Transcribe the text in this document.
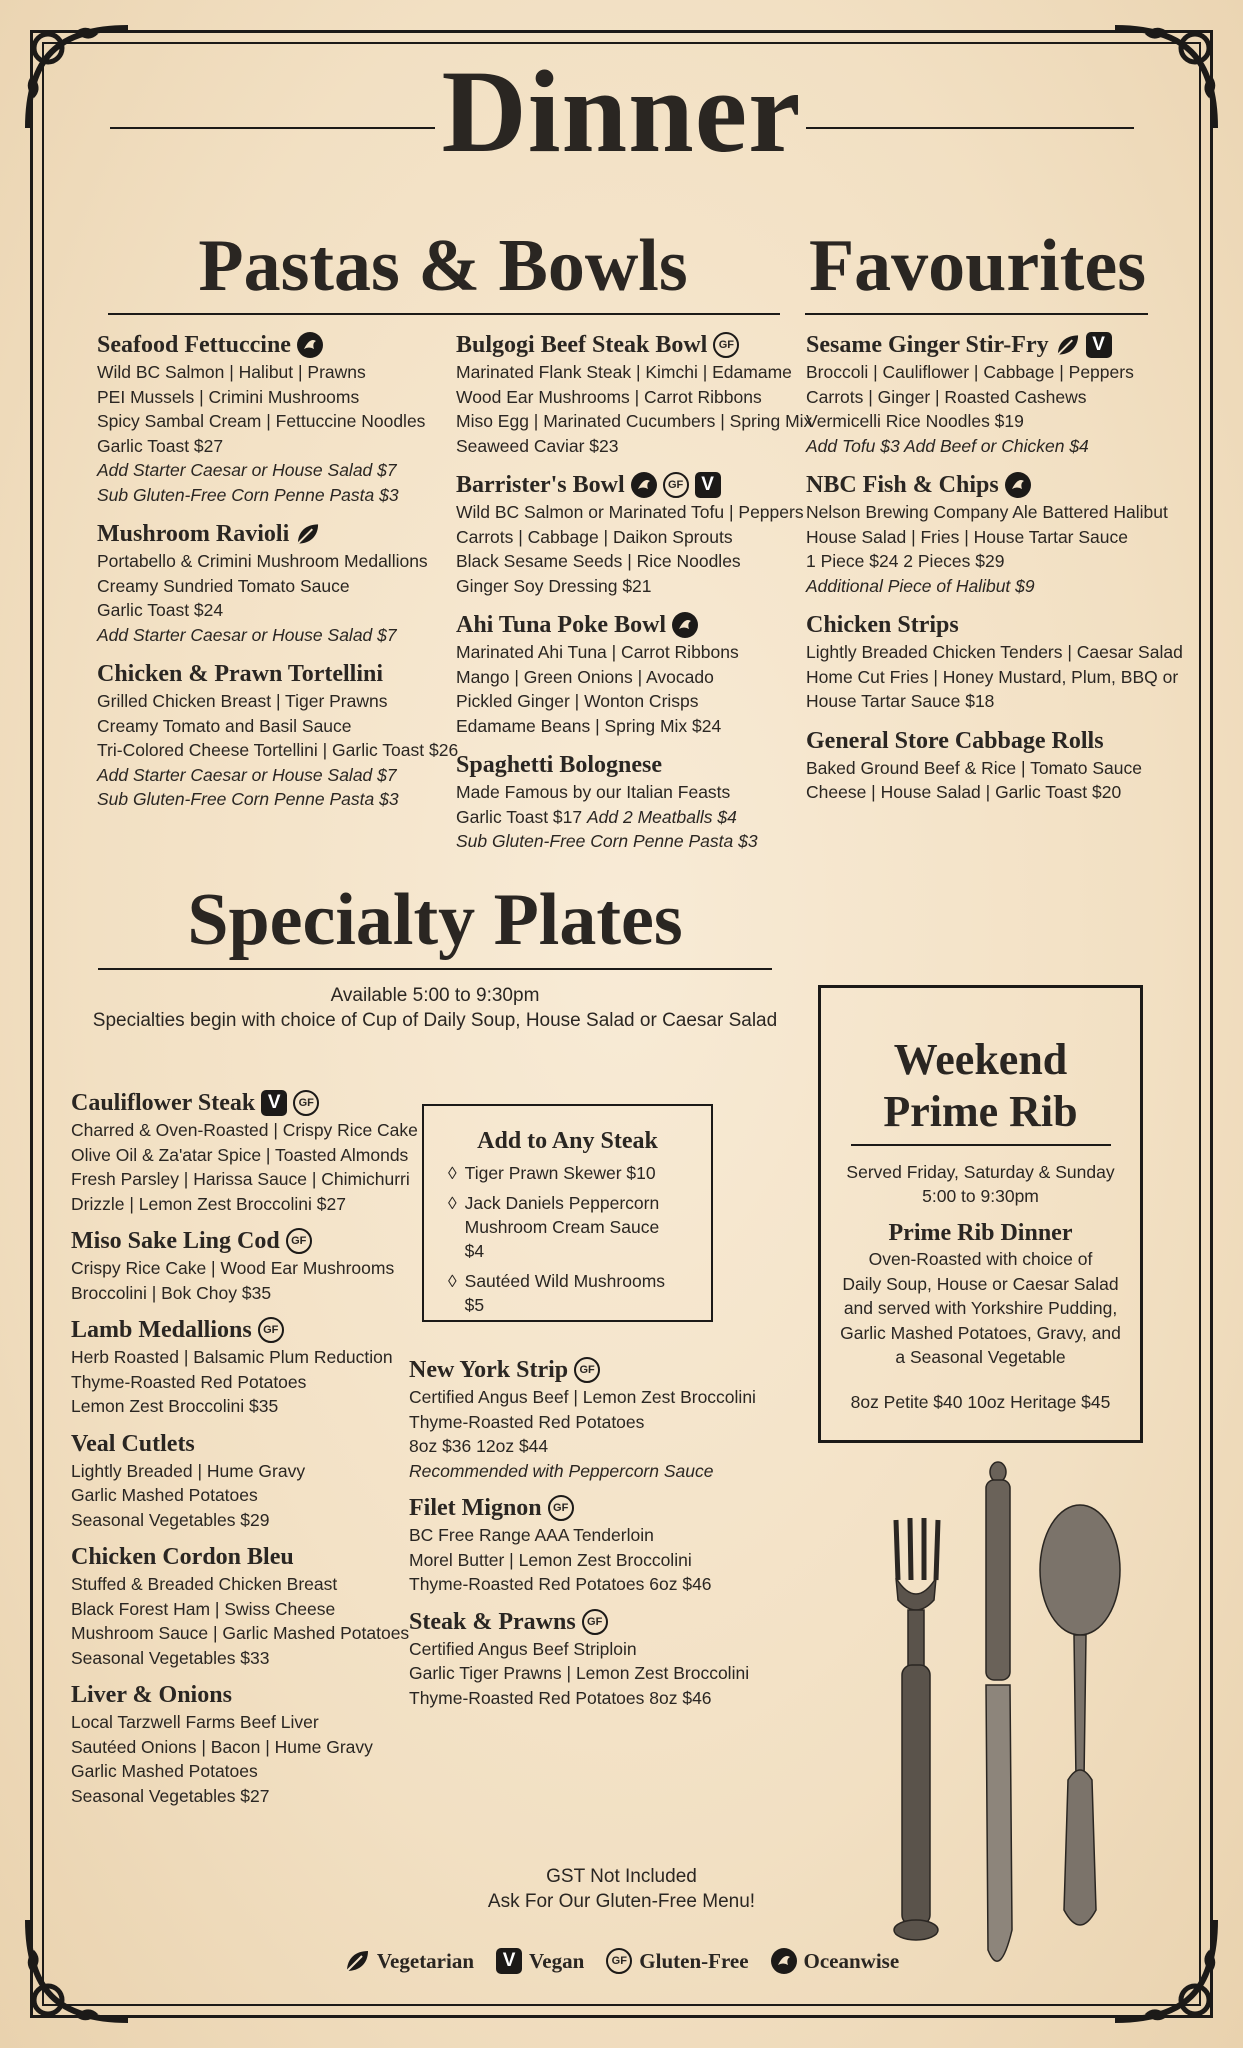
Dinner
Pastas & Bowls	Favourites
Seafood Fettuccine
Wild BC Salmon | Halibut | Prawns
PEI Mussels | Crimini Mushrooms
Spicy Sambal Cream | Fettuccine Noodles
Garlic Toast $27
Add Starter Caesar or House Salad $7
Sub Gluten-Free Corn Penne Pasta $3
Mushroom Ravioli
Portabello & Crimini Mushroom Medallions
Creamy Sundried Tomato Sauce
Garlic Toast $24
Add Starter Caesar or House Salad $7
Chicken & Prawn Tortellini
Grilled Chicken Breast | Tiger Prawns
Creamy Tomato and Basil Sauce
Tri-Colored Cheese Tortellini | Garlic Toast $26
Add Starter Caesar or House Salad $7
Sub Gluten-Free Corn Penne Pasta $3
Bulgogi Beef Steak Bowl	GF
Marinated Flank Steak | Kimchi | Edamame
Wood Ear Mushrooms | Carrot Ribbons
Miso Egg | Marinated Cucumbers | Spring Mix
Seaweed Caviar $23
Barrister's Bowl	GF V
Wild BC Salmon or Marinated Tofu | Peppers
Carrots | Cabbage | Daikon Sprouts
Black Sesame Seeds | Rice Noodles
Ginger Soy Dressing $21
Ahi Tuna Poke Bowl
Marinated Ahi Tuna | Carrot Ribbons
Mango | Green Onions | Avocado
Pickled Ginger | Wonton Crisps
Edamame Beans | Spring Mix $24
Spaghetti Bolognese
Made Famous by our Italian Feasts
Garlic Toast $17 Add 2 Meatballs $4
Sub Gluten-Free Corn Penne Pasta $3
Sesame Ginger Stir-Fry	V
Broccoli | Cauliflower | Cabbage | Peppers
Carrots | Ginger | Roasted Cashews
Vermicelli Rice Noodles $19
Add Tofu $3 Add Beef or Chicken $4
NBC Fish & Chips
Nelson Brewing Company Ale Battered Halibut
House Salad | Fries | House Tartar Sauce
1 Piece $24 2 Pieces $29
Additional Piece of Halibut $9
Chicken Strips
Lightly Breaded Chicken Tenders | Caesar Salad
Home Cut Fries | Honey Mustard, Plum, BBQ or
House Tartar Sauce $18
General Store Cabbage Rolls
Baked Ground Beef & Rice | Tomato Sauce
Cheese | House Salad | Garlic Toast $20
Specialty Plates
Available 5:00 to 9:30pm
Specialties begin with choice of Cup of Daily Soup, House Salad or Caesar Salad
Cauliflower Steak V	GF
Charred & Oven-Roasted | Crispy Rice Cake
Olive Oil & Za'atar Spice | Toasted Almonds
Fresh Parsley | Harissa Sauce | Chimichurri
Drizzle | Lemon Zest Broccolini $27
Miso Sake Ling Cod	GF
Crispy Rice Cake | Wood Ear Mushrooms
Broccolini | Bok Choy $35
Lamb Medallions	GF
Herb Roasted | Balsamic Plum Reduction
Thyme-Roasted Red Potatoes
Lemon Zest Broccolini $35
Veal Cutlets
Lightly Breaded | Hume Gravy
Garlic Mashed Potatoes
Seasonal Vegetables $29
Chicken Cordon Bleu
Stuffed & Breaded Chicken Breast
Black Forest Ham | Swiss Cheese
Mushroom Sauce | Garlic Mashed Potatoes
Seasonal Vegetables $33
Liver & Onions
Local Tarzwell Farms Beef Liver
Sautéed Onions | Bacon | Hume Gravy
Garlic Mashed Potatoes
Seasonal Vegetables $27
New York Strip	GF
Certified Angus Beef | Lemon Zest Broccolini
Thyme-Roasted Red Potatoes
8oz $36 12oz $44
Recommended with Peppercorn Sauce
Filet Mignon	GF
BC Free Range AAA Tenderloin
Morel Butter | Lemon Zest Broccolini
Thyme-Roasted Red Potatoes 6oz $46
Steak & Prawns	GF
Certified Angus Beef Striploin
Garlic Tiger Prawns | Lemon Zest Broccolini
Thyme-Roasted Red Potatoes 8oz $46
Add to Any Steak
◊ Tiger Prawn Skewer $10
◊ Jack Daniels Peppercorn Mushroom Cream Sauce $4
◊ Sautéed Wild Mushrooms $5
Weekend
Prime Rib
Served Friday, Saturday & Sunday
5:00 to 9:30pm
Prime Rib Dinner
Oven-Roasted with choice of
Daily Soup, House or Caesar Salad
and served with Yorkshire Pudding,
Garlic Mashed Potatoes, Gravy, and
a Seasonal Vegetable
8oz Petite $40 10oz Heritage $45
GST Not Included
Ask For Our Gluten-Free Menu!
Vegetarian	V Vegan	GF Gluten-Free	Oceanwise
